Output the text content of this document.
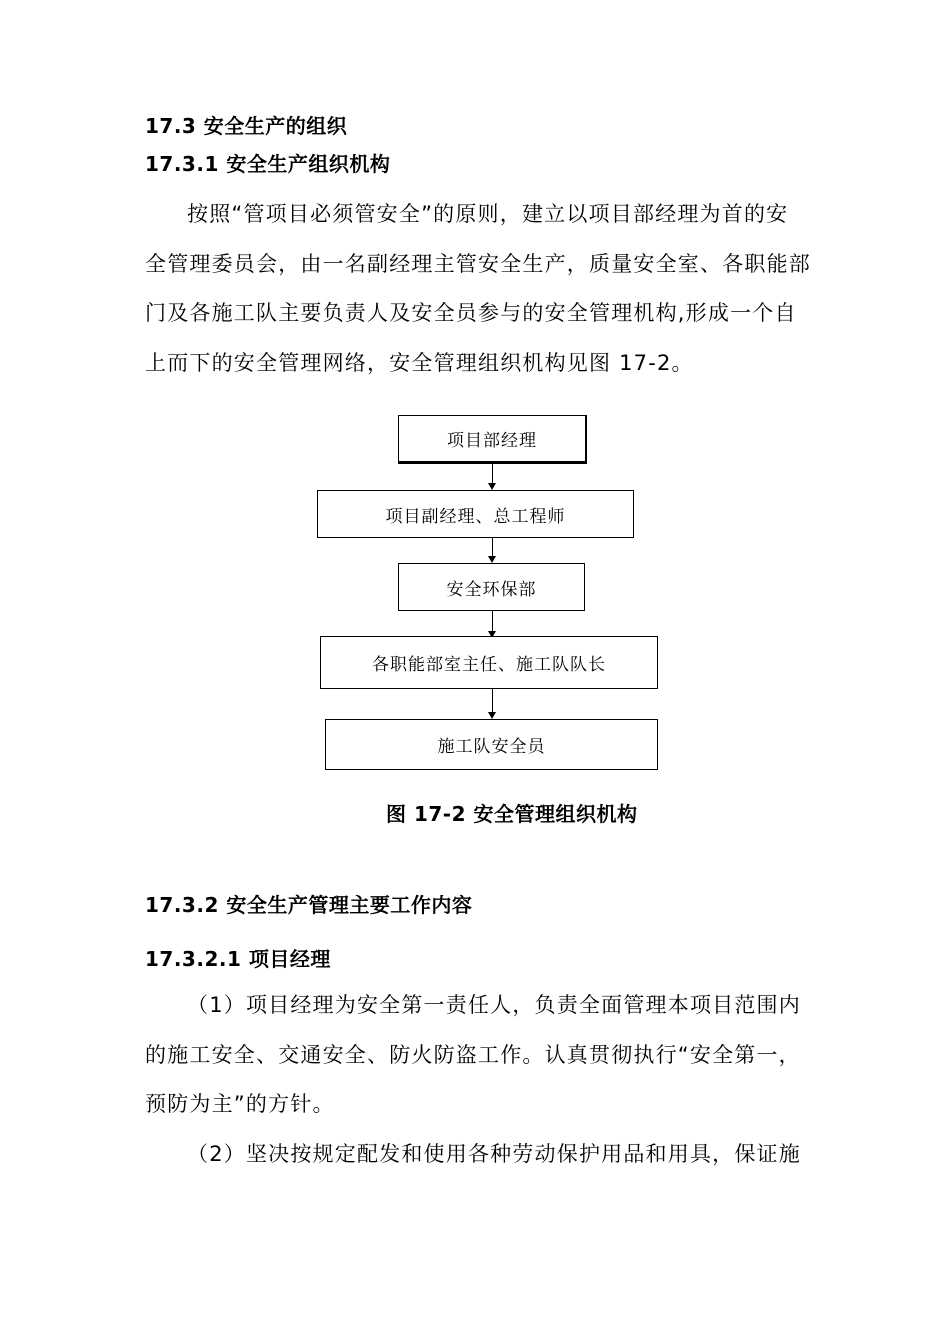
17.3 安全生产的组织
17.3.1 安全生产组织机构
按照“管项目必须管安全”的原则，建立以项目部经理为首的安
全管理委员会，由一名副经理主管安全生产，质量安全室、各职能部
门及各施工队主要负责人及安全员参与的安全管理机构,形成一个自
上而下的安全管理网络，安全管理组织机构见图 17-2。
项目部经理
项目副经理、总工程师
安全环保部
各职能部室主任、施工队队长
施工队安全员
图 17-2 安全管理组织机构
17.3.2 安全生产管理主要工作内容
17.3.2.1 项目经理
（1）项目经理为安全第一责任人，负责全面管理本项目范围内
的施工安全、交通安全、防火防盗工作。认真贯彻执行“安全第一，
预防为主”的方针。
（2）坚决按规定配发和使用各种劳动保护用品和用具，保证施
